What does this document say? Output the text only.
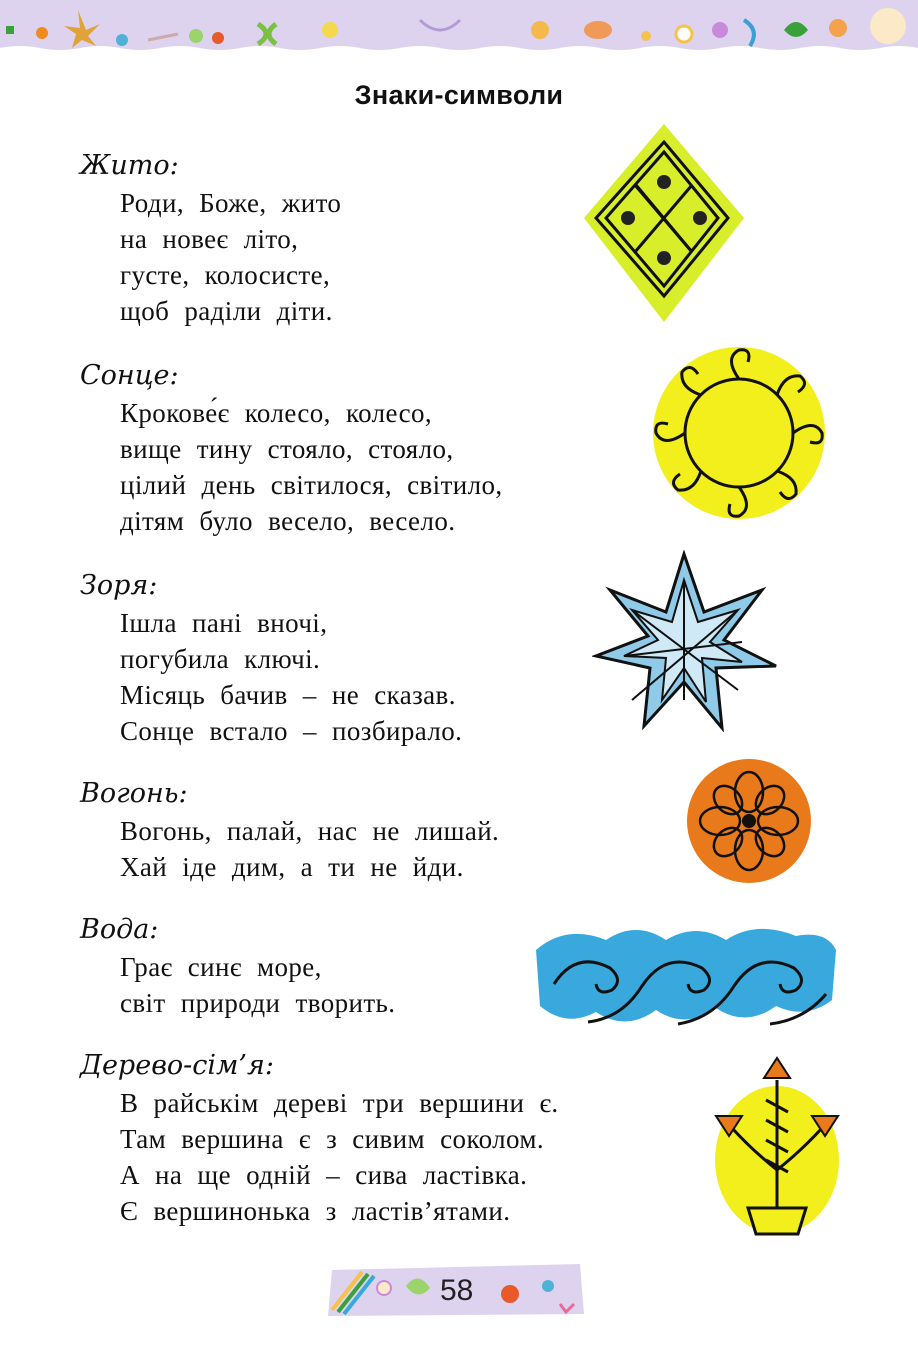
Знаки-символи
Жито:
Роди, Боже, жито
на новеє літо,
густе, колосисте,
щоб раділи діти.
Сонце:
Крокове́є колесо, колесо,
вище тину стояло, стояло,
цілий день світилося, світило,
дітям було весело, весело.
Зоря:
Ішла пані вночі,
погубила ключі.
Місяць бачив – не сказав.
Сонце встало – позбирало.
Вогонь:
Вогонь, палай, нас не лишай.
Хай іде дим, а ти не йди.
Вода:
Грає синє море,
світ природи творить.
Дерево-сім’я:
В райськім дереві три вершини є.
Там вершина є з сивим соколом.
А на ще одній – сива ластівка.
Є вершинонька з ластів’ятами.
58
